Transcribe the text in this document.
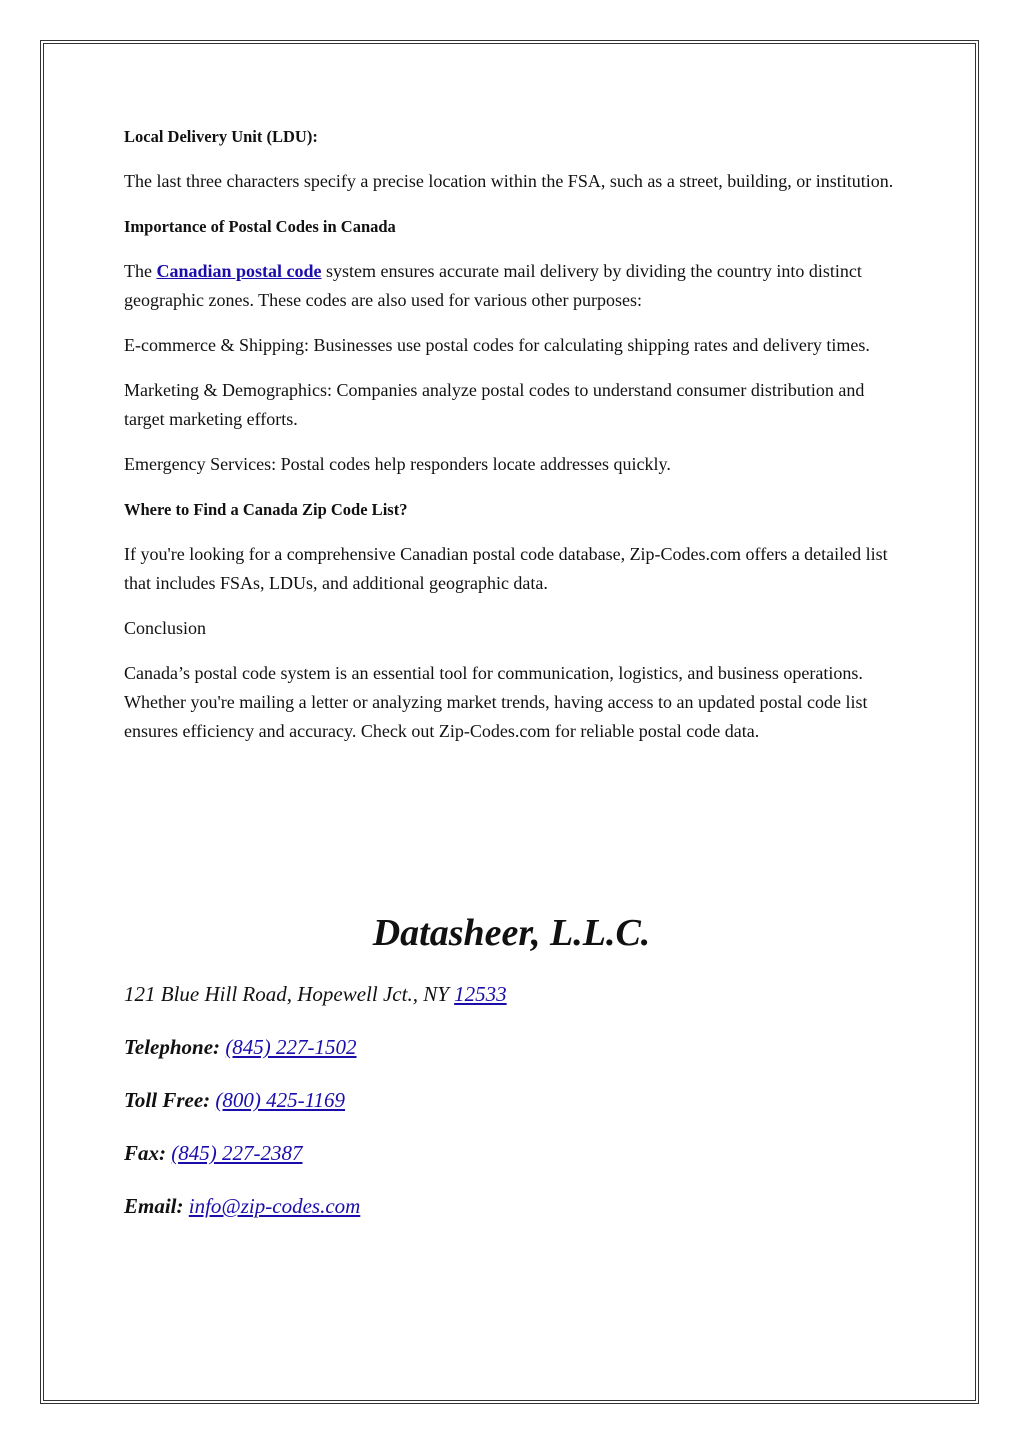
Local Delivery Unit (LDU):

The last three characters specify a precise location within the FSA, such as a street, building, or institution.

Importance of Postal Codes in Canada

The Canadian postal code system ensures accurate mail delivery by dividing the country into distinct geographic zones. These codes are also used for various other purposes:

E-commerce & Shipping: Businesses use postal codes for calculating shipping rates and delivery times.

Marketing & Demographics: Companies analyze postal codes to understand consumer distribution and target marketing efforts.

Emergency Services: Postal codes help responders locate addresses quickly.

Where to Find a Canada Zip Code List?

If you're looking for a comprehensive Canadian postal code database, Zip-Codes.com offers a detailed list that includes FSAs, LDUs, and additional geographic data.

Conclusion

Canada’s postal code system is an essential tool for communication, logistics, and business operations. Whether you're mailing a letter or analyzing market trends, having access to an updated postal code list ensures efficiency and accuracy. Check out Zip-Codes.com for reliable postal code data.

Datasheer, L.L.C.
121 Blue Hill Road, Hopewell Jct., NY 12533
Telephone: (845) 227-1502
Toll Free: (800) 425-1169
Fax: (845) 227-2387
Email: info@zip-codes.com
